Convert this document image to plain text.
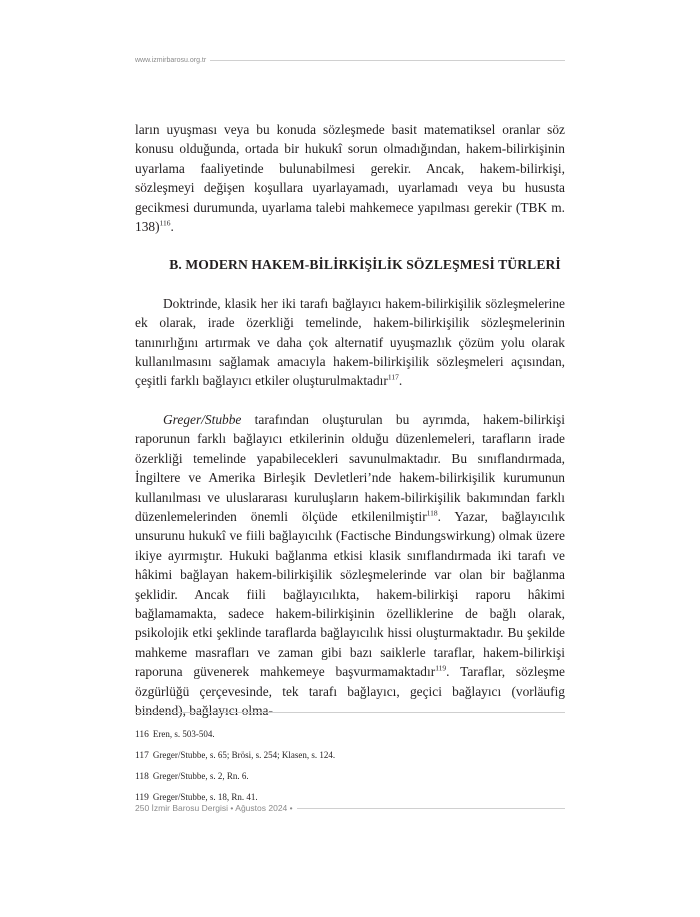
www.izmirbarosu.org.tr

ların uyuşması veya bu konuda sözleşmede basit matematiksel oranlar söz konusu olduğunda, ortada bir hukukî sorun olmadığından, hakem-bilirkişinin uyarlama faaliyetinde bulunabilmesi gerekir. Ancak, hakem-bilirkişi, sözleşmeyi değişen koşullara uyarlayamadı, uyarlamadı veya bu hususta gecikmesi durumunda, uyarlama talebi mahkemece yapılması gerekir (TBK m. 138)$^{116}$.

B. MODERN HAKEM-BİLİRKİŞİLİK SÖZLEŞMESİ TÜRLERİ

Doktrinde, klasik her iki tarafı bağlayıcı hakem-bilirkişilik sözleşmelerine ek olarak, irade özerkliği temelinde, hakem-bilirkişilik sözleşmelerinin tanınırlığını artırmak ve daha çok alternatif uyuşmazlık çözüm yolu olarak kullanılmasını sağlamak amacıyla hakem-bilirkişilik sözleşmeleri açısından, çeşitli farklı bağlayıcı etkiler oluşturulmaktadır$^{117}$.

Greger/Stubbe tarafından oluşturulan bu ayrımda, hakem-bilirkişi raporunun farklı bağlayıcı etkilerinin olduğu düzenlemeleri, tarafların irade özerkliği temelinde yapabilecekleri savunulmaktadır. Bu sınıflandırmada, İngiltere ve Amerika Birleşik Devletleri’nde hakem-bilirkişilik kurumunun kullanılması ve uluslararası kuruluşların hakem-bilirkişilik bakımından farklı düzenlemelerinden önemli ölçüde etkilenilmiştir$^{118}$. Yazar, bağlayıcılık unsurunu hukukî ve fiili bağlayıcılık (Factische Bindungswirkung) olmak üzere ikiye ayırmıştır. Hukuki bağlanma etkisi klasik sınıflandırmada iki tarafı ve hâkimi bağlayan hakem-bilirkişilik sözleşmelerinde var olan bir bağlanma şeklidir. Ancak fiili bağlayıcılıkta, hakem-bilirkişi raporu hâkimi bağlamamakta, sadece hakem-bilirkişinin özelliklerine de bağlı olarak, psikolojik etki şeklinde taraflarda bağlayıcılık hissi oluşturmaktadır. Bu şekilde mahkeme masrafları ve zaman gibi bazı saiklerle taraflar, hakem-bilirkişi raporuna güvenerek mahkemeye başvurmamaktadır$^{119}$. Taraflar, sözleşme özgürlüğü çerçevesinde, tek tarafı bağlayıcı, geçici bağlayıcı (vorläufig bindend), bağlayıcı olma-

116 Eren, s. 503-504.

117 Greger/Stubbe, s. 65; Brösi, s. 254; Klasen, s. 124.

118 Greger/Stubbe, s. 2, Rn. 6.

119 Greger/Stubbe, s. 18, Rn. 41.

250 İzmir Barosu Dergisi • Ağustos 2024 •
